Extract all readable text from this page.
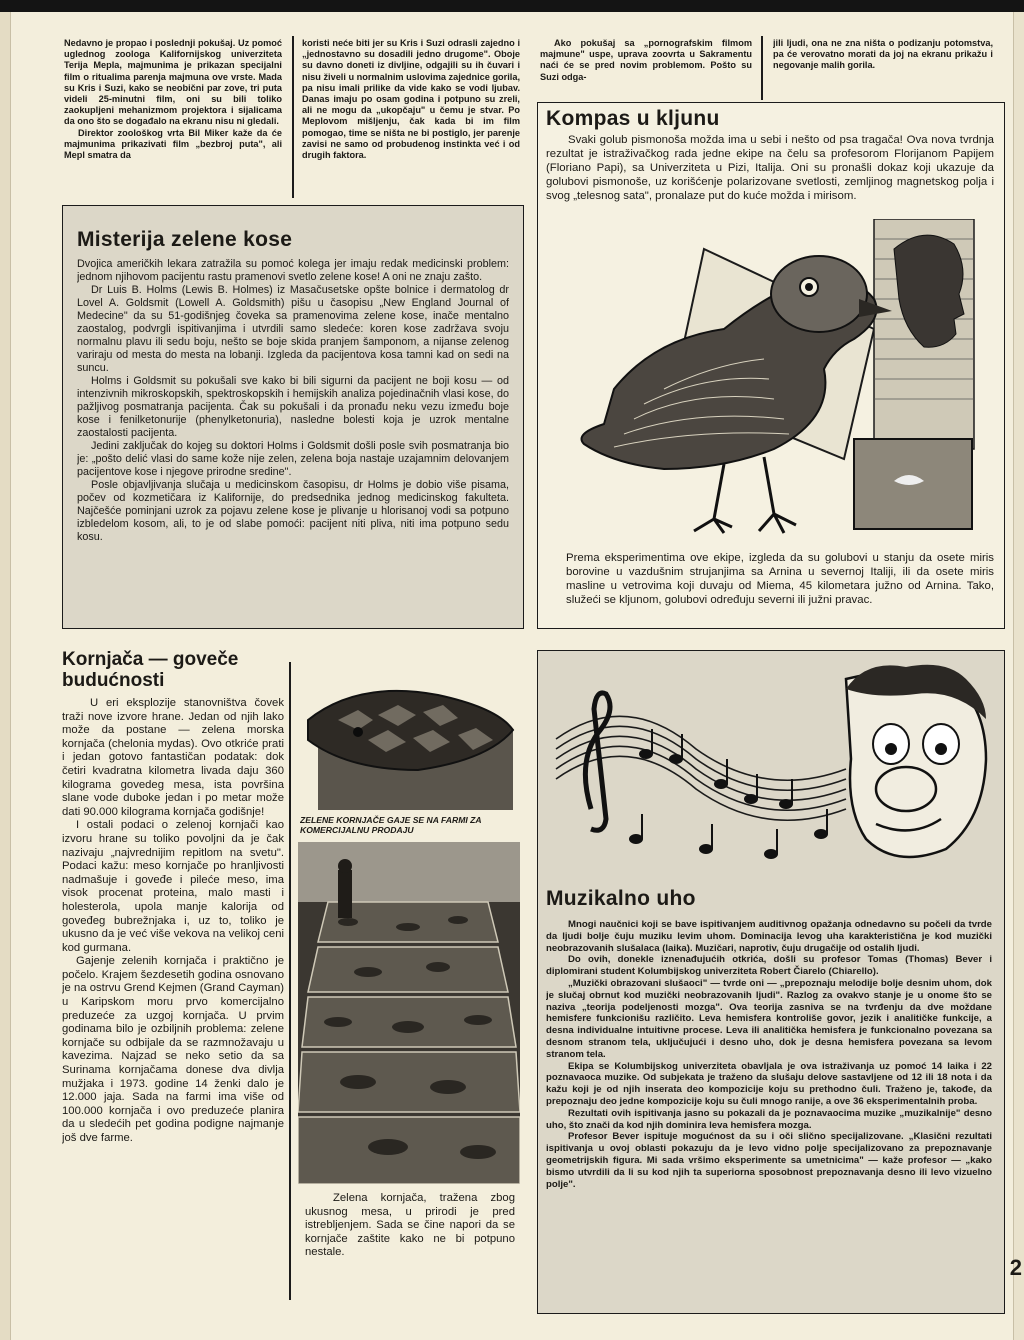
Nedavno je propao i poslednji pokušaj. Uz pomoć uglednog zoologa Kalifornijskog univerziteta Terija Mepla, majmunima je prikazan specijalni film o ritualima parenja majmuna ove vrste. Mada su Kris i Suzi, kako se neobični par zove, tri puta videli 25-minutni film, oni su bili toliko zaokupljeni mehanizmom projektora i sijalicama da ono što se događalo na ekranu nisu ni gledali.

Direktor zoološkog vrta Bil Miker kaže da će majmunima prikazivati film „bezbroj puta", ali Mepl smatra da

koristi neće biti jer su Kris i Suzi odrasli zajedno i „jednostavno su dosadili jedno drugome". Oboje su davno doneti iz divljine, odgajili su ih čuvari i nisu živeli u normalnim uslovima zajednice gorila, pa nisu imali prilike da vide kako se vodi ljubav. Danas imaju po osam godina i potpuno su zreli, ali ne mogu da „ukopčaju" u čemu je stvar. Po Meplovom mišljenju, čak kada bi im film pomogao, time se ništa ne bi postiglo, jer parenje zavisi ne samo od probudenog instinkta već i od drugih faktora.

Ako pokušaj sa „pornografskim filmom majmune" uspe, uprava zoovrta u Sakramentu naći će se pred novim problemom. Pošto su Suzi odga-

jili ljudi, ona ne zna ništa o podizanju potomstva, pa će verovatno morati da joj na ekranu prikažu i negovanje malih gorila.

Misterija zelene kose

Dvojica američkih lekara zatražila su pomoć kolega jer imaju redak medicinski problem: jednom njihovom pacijentu rastu pramenovi svetlo zelene kose! A oni ne znaju zašto.

Dr Luis B. Holms (Lewis B. Holmes) iz Masačusetske opšte bolnice i dermatolog dr Lovel A. Goldsmit (Lowell A. Goldsmith) pišu u časopisu „New England Journal of Medecine" da su 51-godišnjeg čoveka sa pramenovima zelene kose, inače mentalno zaostalog, podvrgli ispitivanjima i utvrdili samo sledeće: koren kose zadržava svoju normalnu plavu ili sedu boju, nešto se boje skida pranjem šamponom, a nijanse zelenog variraju od mesta do mesta na lobanji. Izgleda da pacijentova kosa tamni kad on sedi na suncu.

Holms i Goldsmit su pokušali sve kako bi bili sigurni da pacijent ne boji kosu — od intenzivnih mikroskopskih, spektroskopskih i hemijskih analiza pojedinačnih vlasi kose, do pažljivog posmatranja pacijenta. Čak su pokušali i da pronađu neku vezu između boje kose i fenilketonurije (phenylketonuria), nasledne bolesti koja je uzrok mentalne zaostalosti pacijenta.

Jedini zaključak do kojeg su doktori Holms i Goldsmit došli posle svih posmatranja bio je: „pošto delić vlasi do same kože nije zelen, zelena boja nastaje uzajamnim delovanjem pacijentove kose i njegove prirodne sredine".

Posle objavljivanja slučaja u medicinskom časopisu, dr Holms je dobio više pisama, počev od kozmetičara iz Kalifornije, do predsednika jednog medicinskog fakulteta. Najčešće pominjani uzrok za pojavu zelene kose je plivanje u hlorisanoj vodi sa potpuno izbledelom kosom, ali, to je od slabe pomoći: pacijent niti pliva, niti ima potpuno sedu kosu.

Kompas u kljunu

Svaki golub pismonoša možda ima u sebi i nešto od psa tragača! Ova nova tvrdnja rezultat je istraživačkog rada jedne ekipe na čelu sa profesorom Florijanom Papijem (Floriano Papi), sa Univerziteta u Pizi, Italija. Oni su pronašli dokaz koji ukazuje da golubovi pismonoše, uz korišćenje polarizovane svetlosti, zemljinog magnetskog polja i svog „telesnog sata", pronalaze put do kuće možda i mirisom.

Prema eksperimentima ove ekipe, izgleda da su golubovi u stanju da osete miris borovine u vazdušnim strujanjima sa Arnina u severnoj Italiji, ili da osete miris masline u vetrovima koji duvaju od Miema, 45 kilometara južno od Arnina. Tako, služeći se kljunom, golubovi određuju severni ili južni pravac.

Kornjača — goveče
budućnosti

U eri eksplozije stanovništva čovek traži nove izvore hrane. Jedan od njih lako može da postane — zelena morska kornjača (chelonia mydas). Ovo otkriće prati i jedan gotovo fantastičan podatak: dok četiri kvadratna kilometra livada daju 360 kilograma govedeg mesa, ista površina slane vode duboke jedan i po metar može dati 90.000 kilograma kornjača godišnje!

I ostali podaci o zelenoj kornjači kao izvoru hrane su toliko povoljni da je čak nazivaju „najvrednijim repitlom na svetu". Podaci kažu: meso kornjače po hranljivosti nadmašuje i goveđe i pileće meso, ima visok procenat proteina, malo masti i holesterola, upola manje kalorija od goveđeg bubrežnjaka i, uz to, toliko je ukusno da je već više vekova na velikoj ceni kod gurmana.

Gajenje zelenih kornjača i praktično je počelo. Krajem šezdesetih godina osnovano je na ostrvu Grend Kejmen (Grand Cayman) u Karipskom moru prvo komercijalno preduzeće za uzgoj kornjača. U prvim godinama bilo je ozbiljnih problema: zelene kornjače su odbijale da se razmnožavaju u kavezima. Najzad se neko setio da sa Surinama kornjačama donese dva divlja mužjaka i 1973. godine 14 ženki dalo je 12.000 jaja. Sada na farmi ima više od 100.000 kornjača i ovo preduzeće planira da u sledećih pet godina podigne najmanje još dve farme.

ZELENE KORNJAČE GAJE SE NA FARMI ZA KOMERCIJALNU PRODAJU

Zelena kornjača, tražena zbog ukusnog mesa, u prirodi je pred istrebljenjem. Sada se čine napori da se kornjače zaštite kako ne bi potpuno nestale.

Muzikalno uho

Mnogi naučnici koji se bave ispitivanjem auditivnog opažanja odnedavno su počeli da tvrde da ljudi bolje čuju muziku levim uhom. Dominacija levog uha karakteristična je kod muzički neobrazovanih slušalaca (laika). Muzičari, naprotiv, čuju drugačije od ostalih ljudi.

Do ovih, donekle iznenađujućih otkrića, došli su profesor Tomas (Thomas) Bever i diplomirani student Kolumbijskog univerziteta Robert Čiarelo (Chiarello).

„Muzički obrazovani slušaoci" — tvrde oni — „prepoznaju melodije bolje desnim uhom, dok je slučaj obrnut kod muzički neobrazovanih ljudi". Razlog za ovakvo stanje je u onome što se naziva „teorija podeljenosti mozga". Ova teorija zasniva se na tvrđenju da dve moždane hemisfere funkcionišu različito. Leva hemisfera kontroliše govor, jezik i analitičke funkcije, a desna individualne intuitivne procese. Leva ili analitička hemisfera je funkcionalno povezana sa desnom stranom tela, uključujući i desno uho, dok je desna hemisfera povezana sa levom stranom tela.

Ekipa se Kolumbijskog univerziteta obavljala je ova istraživanja uz pomoć 14 laika i 22 poznavaoca muzike. Od subjekata je traženo da slušaju delove sastavljene od 12 ili 18 nota i da kažu koji je od njih inserata deo kompozicije koju su prethodno čuli. Traženo je, takođe, da prepoznaju deo jedne kompozicije koju su čuli mnogo ranije, a ove 36 eksperimentalnih proba.

Rezultati ovih ispitivanja jasno su pokazali da je poznavaocima muzike „muzikalnije" desno uho, što znači da kod njih dominira leva hemisfera mozga.

Profesor Bever ispituje mogućnost da su i oči slično specijalizovane. „Klasični rezultati ispitivanja u ovoj oblasti pokazuju da je levo vidno polje specijalizovano za prepoznavanje geometrijskih figura. Mi sada vršimo eksperimente sa umetnicima" — kaže profesor — „kako bismo utvrdili da li su kod njih ta superiorna sposobnost prepoznavanja desno ili levo vizuelno polje".

2
